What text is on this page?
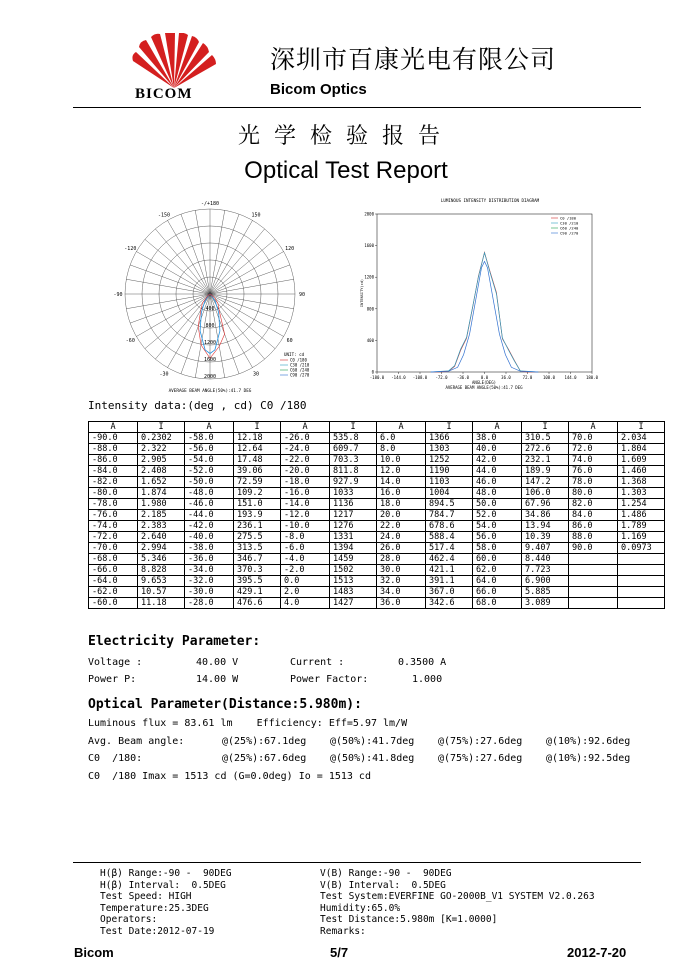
BICOM
深圳市百康光电有限公司
Bicom Optics
光学检验报告
Optical Test Report
-/+180
-150	150
-120	120
-90	90
-60	60
-30	30
400
800
1200
1600
2000
UNIT: cd
C0 /180
C30 /210
C60 /240
C90 /270
AVERAGE BEAM ANGLE(50%):41.7 DEG
LUMINOUS INTENSITY DISTRIBUTION DIAGRAM
-180.0 -144.0 -108.0 -72.0 -36.0	0.0	36.0	72.0	108.0 144.0 180.0
0
400
800
1200
1600
2000
INTENSITY(cd)
ANGLE(DEG)
AVERAGE BEAM ANGLE(50%):41.7 DEG
C0 /180
C30 /210
C60 /240
C90 /270
Intensity data:(deg , cd) C0 /180
A	I	A	I	A	I	A	I	A	I	A	I
-90.0	0.2302	-58.0	12.18	-26.0	535.8	6.0	1366	38.0	310.5	70.0	2.034
-88.0	2.322	-56.0	12.64	-24.0	609.7	8.0	1303	40.0	272.6	72.0	1.804
-86.0	2.905	-54.0	17.48	-22.0	703.3	10.0	1252	42.0	232.1	74.0	1.609
-84.0	2.408	-52.0	39.06	-20.0	811.8	12.0	1190	44.0	189.9	76.0	1.460
-82.0	1.652	-50.0	72.59	-18.0	927.9	14.0	1103	46.0	147.2	78.0	1.368
-80.0	1.874	-48.0	109.2	-16.0	1033	16.0	1004	48.0	106.0	80.0	1.303
-78.0	1.980	-46.0	151.0	-14.0	1136	18.0	894.5	50.0	67.96	82.0	1.254
-76.0	2.185	-44.0	193.9	-12.0	1217	20.0	784.7	52.0	34.86	84.0	1.486
-74.0	2.383	-42.0	236.1	-10.0	1276	22.0	678.6	54.0	13.94	86.0	1.789
-72.0	2.640	-40.0	275.5	-8.0	1331	24.0	588.4	56.0	10.39	88.0	1.169
-70.0	2.994	-38.0	313.5	-6.0	1394	26.0	517.4	58.0	9.407	90.0	0.0973
-68.0	5.346	-36.0	346.7	-4.0	1459	28.0	462.4	60.0	8.440		
-66.0	8.828	-34.0	370.3	-2.0	1502	30.0	421.1	62.0	7.723		
-64.0	9.653	-32.0	395.5	0.0	1513	32.0	391.1	64.0	6.900		
-62.0	10.57	-30.0	429.1	2.0	1483	34.0	367.0	66.0	5.885		
-60.0	11.18	-28.0	476.6	4.0	1427	36.0	342.6	68.0	3.089		
Electricity Parameter:
Voltage :	40.00 V	Current :	0.3500 A
Power P:	14.00 W	Power Factor:	1.000
Optical Parameter(Distance:5.980m):
Luminous flux = 83.61 lm    Efficiency: Eff=5.97 lm/W
Avg. Beam angle:	@(25%):67.1deg @(50%):41.7deg @(75%):27.6deg @(10%):92.6deg
C0  /180:	@(25%):67.6deg @(50%):41.8deg @(75%):27.6deg @(10%):92.5deg
C0  /180 Imax = 1513 cd (G=0.0deg) Io = 1513 cd
H(β) Range:-90 -  90DEG
H(β) Interval:  0.5DEG
Test Speed: HIGH
Temperature:25.3DEG
Operators:
Test Date:2012-07-19
V(B) Range:-90 -  90DEG
V(B) Interval:  0.5DEG
Test System:EVERFINE GO-2000B_V1 SYSTEM V2.0.263
Humidity:65.0%
Test Distance:5.980m [K=1.0000]
Remarks:
Bicom	5/7	2012-7-20
